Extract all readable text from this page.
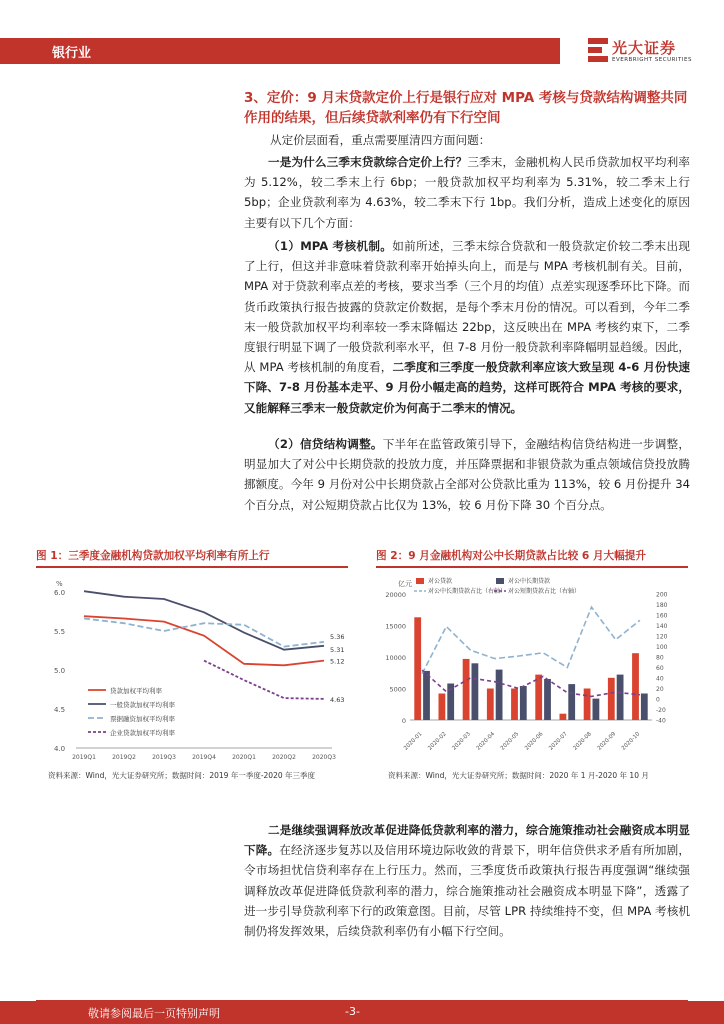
银行业	光大证券
EVERBRIGHT SECURITIES
3、定价：9 月末贷款定价上行是银行应对 MPA 考核与贷款结构调整共同作用的结果，但后续贷款利率仍有下行空间
从定价层面看，重点需要厘清四方面问题：
一是为什么三季末贷款综合定价上行？三季末，金融机构人民币贷款加权平均利率为 5.12%，较二季末上行 6bp；一般贷款加权平均利率为 5.31%，较二季末上行 5bp；企业贷款利率为 4.63%，较二季末下行 1bp。我们分析，造成上述变化的原因主要有以下几个方面：
（1）MPA 考核机制。如前所述，三季末综合贷款和一般贷款定价较二季末出现了上行，但这并非意味着贷款利率开始掉头向上，而是与 MPA 考核机制有关。目前，MPA 对于贷款利率点差的考核，要求当季（三个月的均值）点差实现逐季环比下降。而货币政策执行报告披露的贷款定价数据，是每个季末月份的情况。可以看到，今年二季末一般贷款加权平均利率较一季末降幅达 22bp，这反映出在 MPA 考核约束下，二季度银行明显下调了一般贷款利率水平，但 7-8 月份一般贷款利率降幅明显趋缓。因此，从 MPA 考核机制的角度看，二季度和三季度一般贷款利率应该大致呈现 4-6 月份快速下降、7-8 月份基本走平、9 月份小幅走高的趋势，这样可既符合 MPA 考核的要求，又能解释三季末一般贷款定价为何高于二季末的情况。
（2）信贷结构调整。下半年在监管政策引导下，金融结构信贷结构进一步调整，明显加大了对公中长期贷款的投放力度，并压降票据和非银贷款为重点领域信贷投放腾挪额度。今年 9 月份对公中长期贷款占全部对公贷款比重为 113%，较 6 月份提升 34 个百分点，对公短期贷款占比仅为 13%，较 6 月份下降 30 个百分点。
图 1：三季度金融机构贷款加权平均利率有所上行
%
4.0
4.5
5.0
5.5
6.0
2019Q1	2019Q2	2019Q3	2019Q4	2020Q1	2020Q2	2020Q3
5.36
5.31
5.12
4.63
贷款加权平均利率
一般贷款加权平均利率
票据融资加权平均利率
企业贷款加权平均利率
资料来源：Wind，光大证券研究所；数据时间：2019 年一季度-2020 年三季度
图 2：9 月金融机构对公中长期贷款占比较 6 月大幅提升
亿元
0
5000
10000
15000
20000
-40
-20
0
20
40
60
80
100
120
140
160
180
200
2020-01 2020-02 2020-03 2020-04 2020-05 2020-06 2020-07 2020-08 2020-09 2020-10
对公贷款	对公中长期贷款
对公中长期贷款占比（右轴） 对公短期贷款占比（右轴）
资料来源：Wind，光大证券研究所；数据时间：2020 年 1 月-2020 年 10 月
二是继续强调释放改革促进降低贷款利率的潜力，综合施策推动社会融资成本明显下降。在经济逐步复苏以及信用环境边际收敛的背景下，明年信贷供求矛盾有所加剧，令市场担忧信贷利率存在上行压力。然而，三季度货币政策执行报告再度强调“继续强调释放改革促进降低贷款利率的潜力，综合施策推动社会融资成本明显下降”，透露了进一步引导贷款利率下行的政策意图。目前，尽管 LPR 持续维持不变，但 MPA 考核机制仍将发挥效果，后续贷款利率仍有小幅下行空间。
敬请参阅最后一页特别声明	-3-
